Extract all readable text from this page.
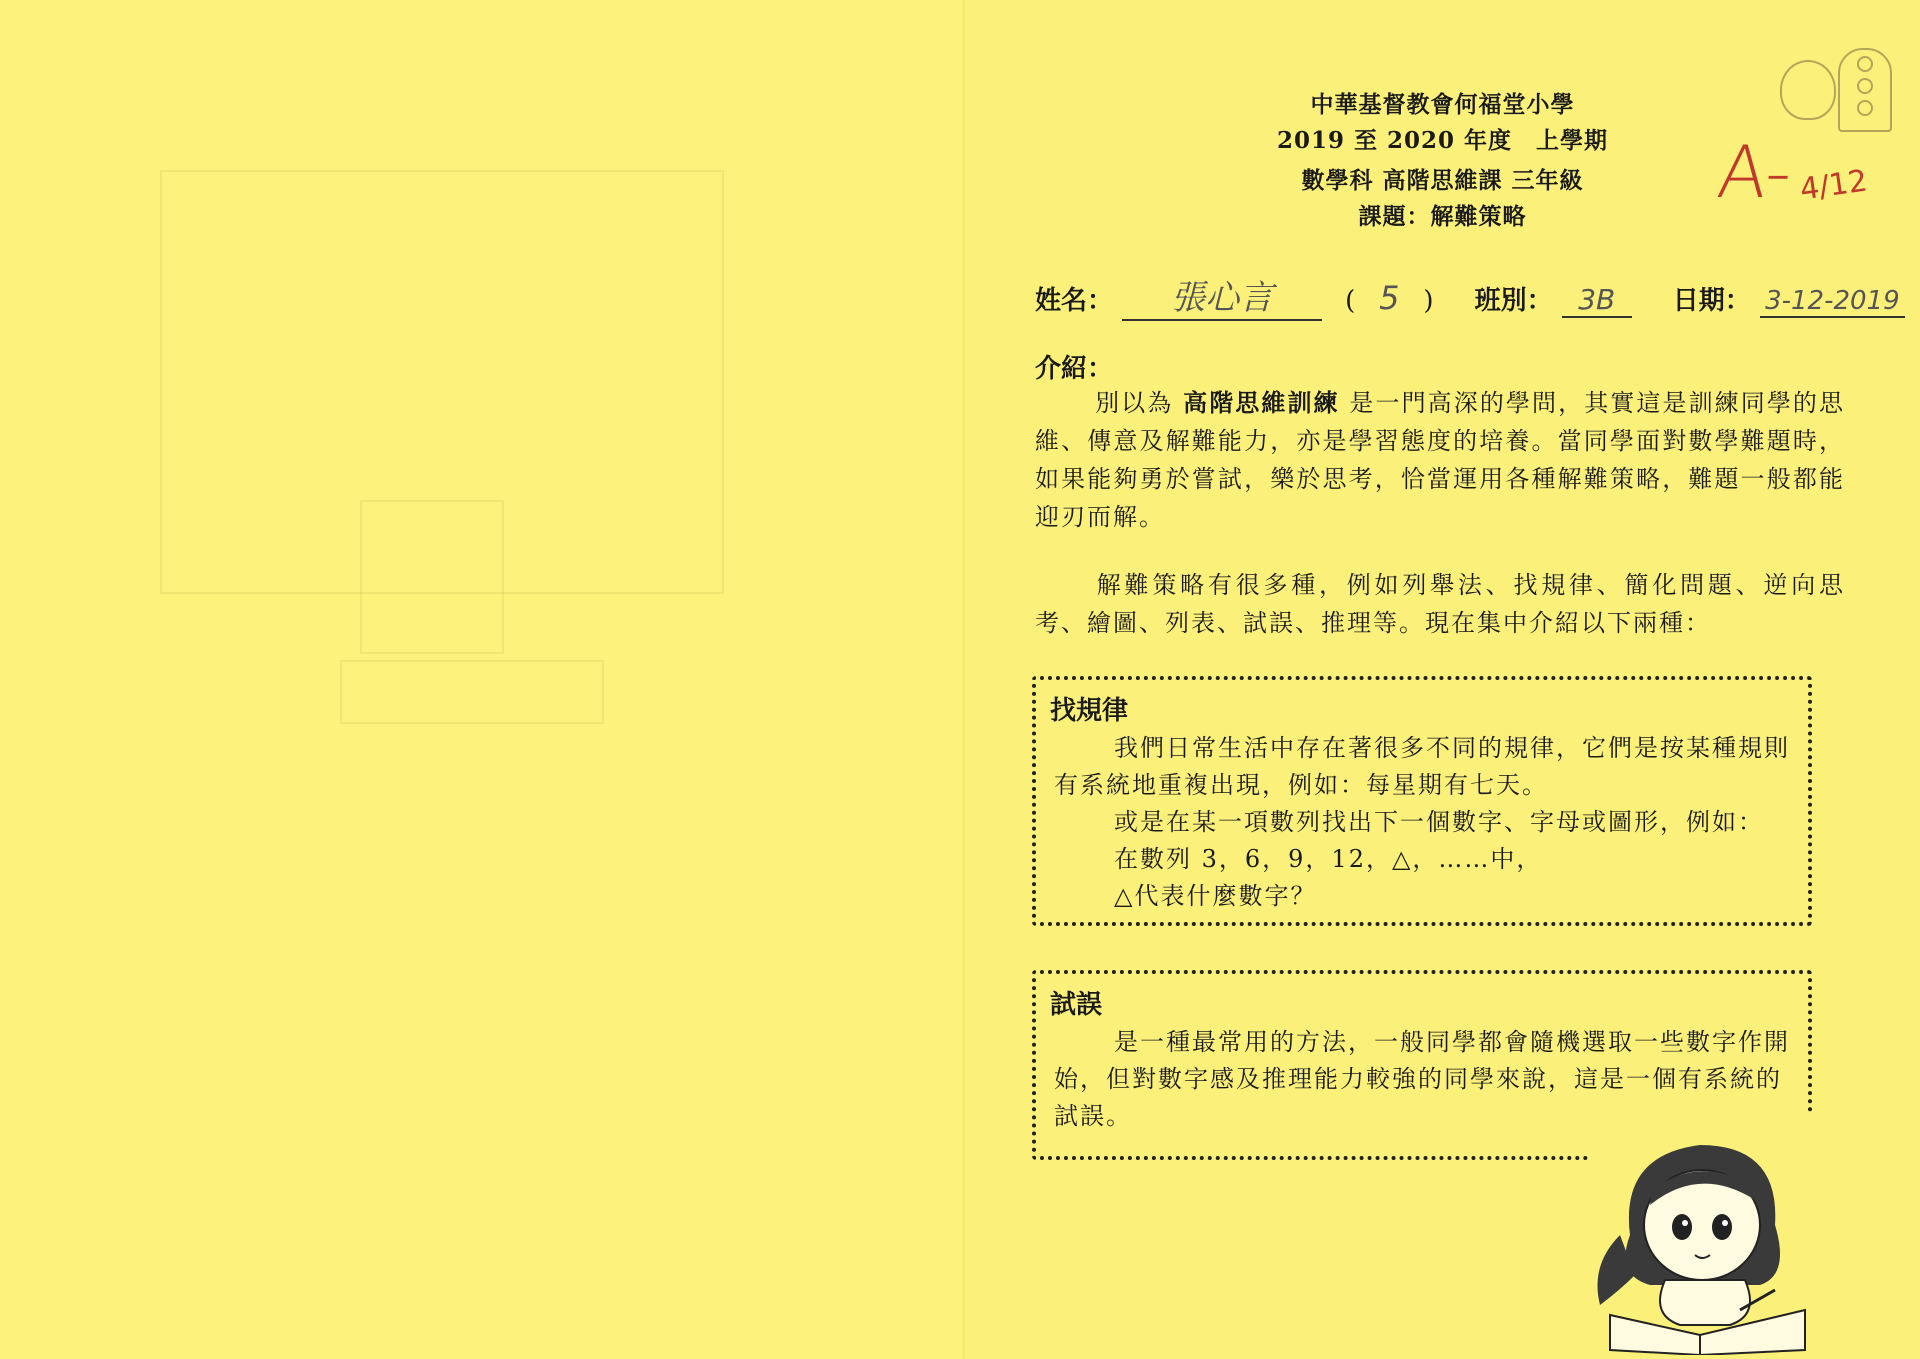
中華基督教會何福堂小學
2019 至 2020 年度　上學期
數學科 高階思維課 三年級
課題：解難策略
A- 4/12
姓名： 張心言	( 5 ) 班別： 3B 日期： 3-12-2019
介紹：
別以為 高階思維訓練 是一門高深的學問，其實這是訓練同學的思維、傳意及解難能力，亦是學習態度的培養。當同學面對數學難題時，如果能夠勇於嘗試，樂於思考，恰當運用各種解難策略，難題一般都能迎刃而解。
解難策略有很多種，例如列舉法、找規律、簡化問題、逆向思考、繪圖、列表、試誤、推理等。現在集中介紹以下兩種：
找規律

我們日常生活中存在著很多不同的規律，它們是按某種規則有系統地重複出現，例如：每星期有七天。

或是在某一項數列找出下一個數字、字母或圖形，例如：

在數列 3，6，9，12，△，……中，

△代表什麼數字？

試誤

是一種最常用的方法，一般同學都會隨機選取一些數字作開始，但對數字感及推理能力較強的同學來說，這是一個有系統的試誤。
